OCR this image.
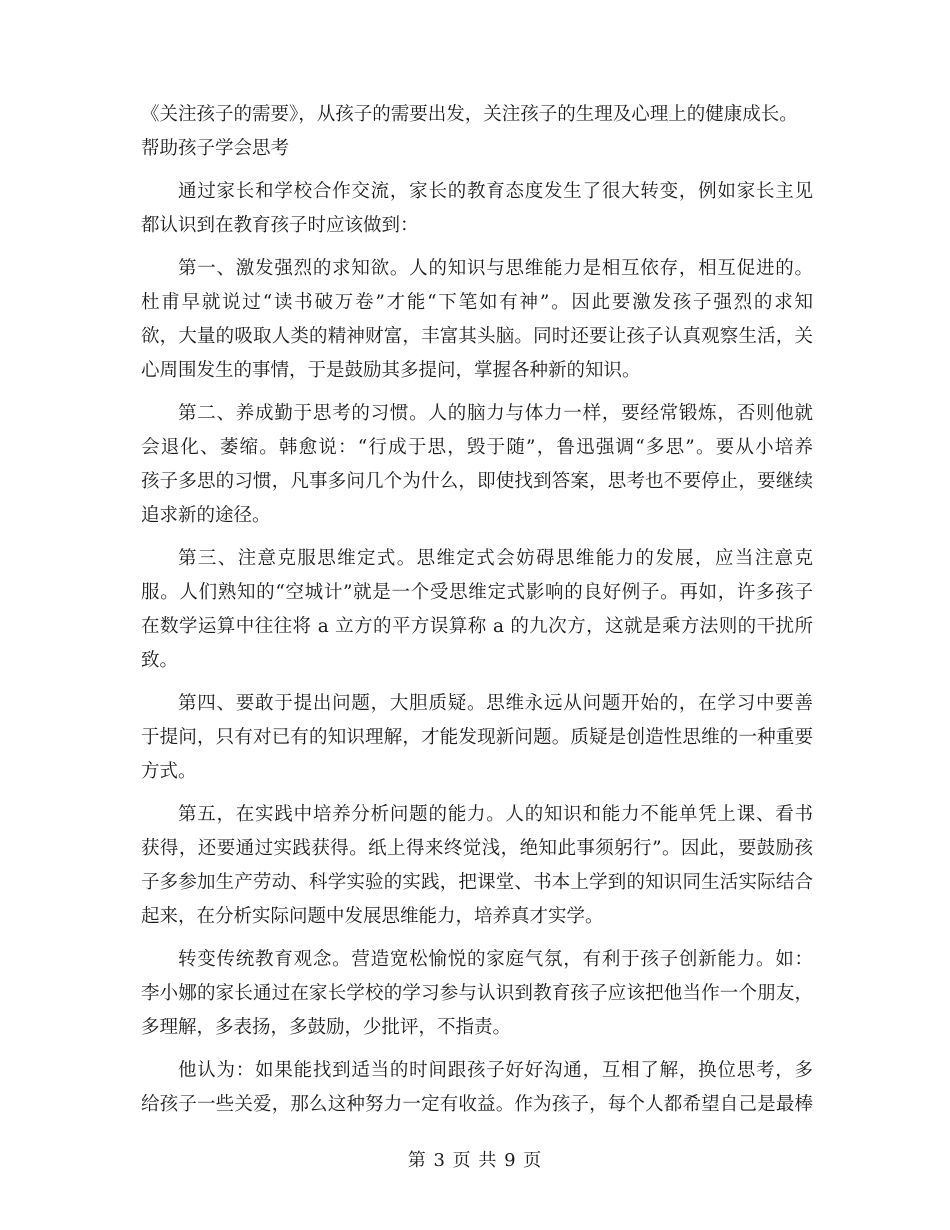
《关注孩子的需要》，从孩子的需要出发，关注孩子的生理及心理上的健康成长。
帮助孩子学会思考
通过家长和学校合作交流，家长的教育态度发生了很大转变，例如家长主见
都认识到在教育孩子时应该做到：
第一、激发强烈的求知欲。人的知识与思维能力是相互依存，相互促进的。
杜甫早就说过“读书破万卷”才能“下笔如有神”。因此要激发孩子强烈的求知
欲，大量的吸取人类的精神财富，丰富其头脑。同时还要让孩子认真观察生活，关
心周围发生的事情，于是鼓励其多提问，掌握各种新的知识。
第二、养成勤于思考的习惯。人的脑力与体力一样，要经常锻炼，否则他就
会退化、萎缩。韩愈说：“行成于思，毁于随”，鲁迅强调“多思”。要从小培养
孩子多思的习惯，凡事多问几个为什么，即使找到答案，思考也不要停止，要继续
追求新的途径。
第三、注意克服思维定式。思维定式会妨碍思维能力的发展，应当注意克
服。人们熟知的“空城计”就是一个受思维定式影响的良好例子。再如，许多孩子
在数学运算中往往将 a 立方的平方误算称 a 的九次方，这就是乘方法则的干扰所
致。
第四、要敢于提出问题，大胆质疑。思维永远从问题开始的，在学习中要善
于提问，只有对已有的知识理解，才能发现新问题。质疑是创造性思维的一种重要
方式。
第五，在实践中培养分析问题的能力。人的知识和能力不能单凭上课、看书
获得，还要通过实践获得。纸上得来终觉浅，绝知此事须躬行”。因此，要鼓励孩
子多参加生产劳动、科学实验的实践，把课堂、书本上学到的知识同生活实际结合
起来，在分析实际问题中发展思维能力，培养真才实学。
转变传统教育观念。营造宽松愉悦的家庭气氛，有利于孩子创新能力。如：
李小娜的家长通过在家长学校的学习参与认识到教育孩子应该把他当作一个朋友，
多理解，多表扬，多鼓励，少批评，不指责。
他认为：如果能找到适当的时间跟孩子好好沟通，互相了解，换位思考，多
给孩子一些关爱，那么这种努力一定有收益。作为孩子，每个人都希望自己是最棒
第 3 页 共 9 页
